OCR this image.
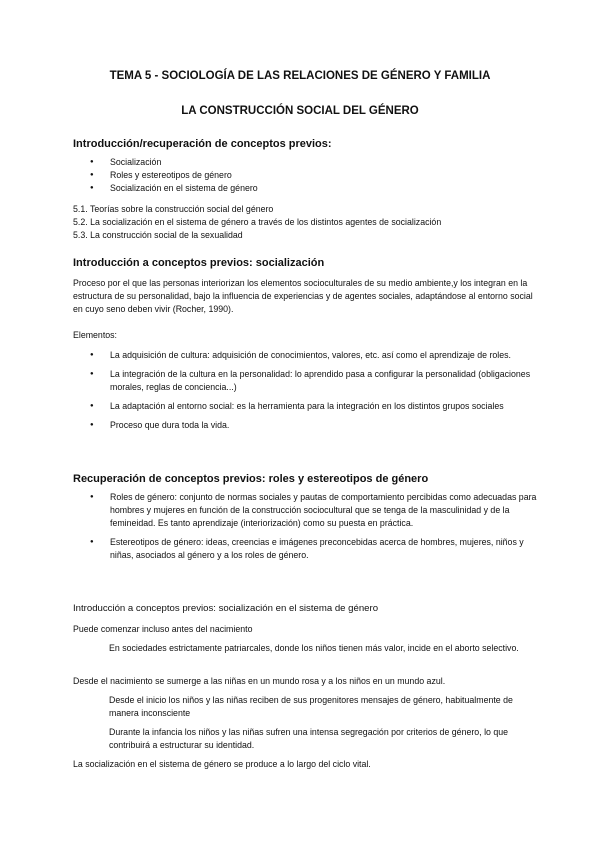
TEMA 5 - SOCIOLOGÍA DE LAS RELACIONES DE GÉNERO Y FAMILIA
LA CONSTRUCCIÓN SOCIAL DEL GÉNERO
Introducción/recuperación de conceptos previos:
● Socialización
● Roles y estereotipos de género
● Socialización en el sistema de género
5.1. Teorías sobre la construcción social del género
5.2. La socialización en el sistema de género a través de los distintos agentes de socialización
5.3. La construcción social de la sexualidad
Introducción a conceptos previos: socialización

Proceso por el que las personas interiorizan los elementos socioculturales de su medio ambiente,y los integran en la estructura de su personalidad, bajo la influencia de experiencias y de agentes sociales, adaptándose al entorno social en cuyo seno deben vivir (Rocher, 1990).

Elementos:
● La adquisición de cultura: adquisición de conocimientos, valores, etc. así como el aprendizaje de roles.
● La integración de la cultura en la personalidad: lo aprendido pasa a configurar la personalidad (obligaciones morales, reglas de conciencia...)
● La adaptación al entorno social: es la herramienta para la integración en los distintos grupos sociales
● Proceso que dura toda la vida.
Recuperación de conceptos previos: roles y estereotipos de género
● Roles de género: conjunto de normas sociales y pautas de comportamiento percibidas como adecuadas para hombres y mujeres en función de la construcción sociocultural que se tenga de la masculinidad y de la femineidad. Es tanto aprendizaje (interiorización) como su puesta en práctica.
● Estereotipos de género: ideas, creencias e imágenes preconcebidas acerca de hombres, mujeres, niños y niñas, asociados al género y a los roles de género.
Introducción a conceptos previos: socialización en el sistema de género
Puede comenzar incluso antes del nacimiento
En sociedades estrictamente patriarcales, donde los niños tienen más valor, incide en el aborto selectivo.
Desde el nacimiento se sumerge a las niñas en un mundo rosa y a los niños en un mundo azul.
Desde el inicio los niños y las niñas reciben de sus progenitores mensajes de género, habitualmente de manera inconsciente
Durante la infancia los niños y las niñas sufren una intensa segregación por criterios de género, lo que contribuirá a estructurar su identidad.
La socialización en el sistema de género se produce a lo largo del ciclo vital.
